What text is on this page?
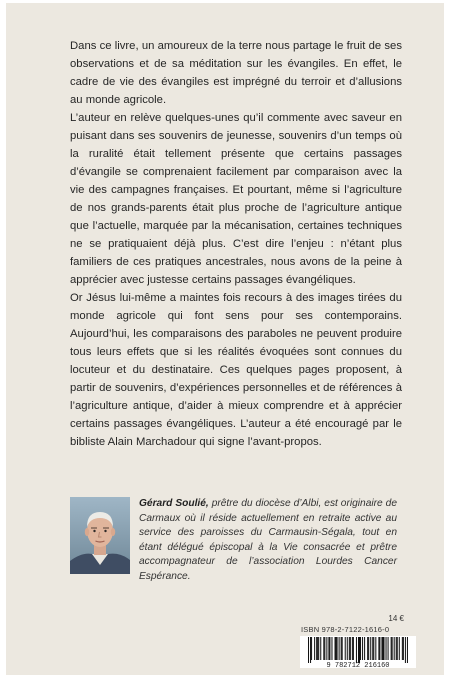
Dans ce livre, un amoureux de la terre nous partage le fruit de ses observations et de sa méditation sur les évangiles. En effet, le cadre de vie des évangiles est imprégné du terroir et d’allusions au monde agricole.

L’auteur en relève quelques-unes qu’il commente avec saveur en puisant dans ses souvenirs de jeunesse, souvenirs d’un temps où la ruralité était tellement présente que certains passages d’évangile se comprenaient facilement par comparaison avec la vie des campagnes françaises. Et pourtant, même si l’agriculture de nos grands-parents était plus proche de l’agriculture antique que l’actuelle, marquée par la mécanisation, certaines techniques ne se pratiquaient déjà plus. C’est dire l’enjeu : n’étant plus familiers de ces pratiques ancestrales, nous avons de la peine à apprécier avec justesse certains passages évangéliques.

Or Jésus lui-même a maintes fois recours à des images tirées du monde agricole qui font sens pour ses contemporains. Aujourd’hui, les comparaisons des paraboles ne peuvent produire tous leurs effets que si les réalités évoquées sont connues du locuteur et du destinataire. Ces quelques pages proposent, à partir de souvenirs, d’expériences personnelles et de références à l’agriculture antique, d’aider à mieux comprendre et à apprécier certains passages évangéliques. L’auteur a été encouragé par le bibliste Alain Marchadour qui signe l’avant-propos.

Gérard Soulié, prêtre du diocèse d’Albi, est originaire de Carmaux où il réside actuellement en retraite active au service des paroisses du Carmausin-Ségala, tout en étant délégué épiscopal à la Vie consacrée et prêtre accompagnateur de l’association Lourdes Cancer Espérance.
14 €
ISBN 978-2-7122-1616-0
9 782712 216160
